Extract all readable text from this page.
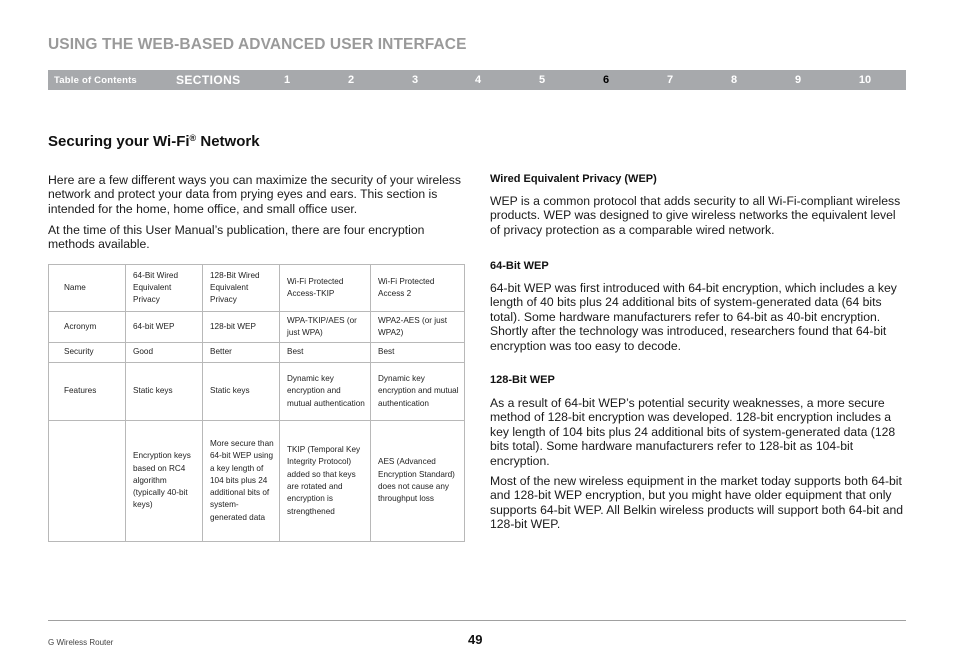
USING THE WEB-BASED ADVANCED USER INTERFACE
Table of Contents	SECTIONS	1	2	3	4	5	6	7	8	9	10
Securing your Wi-Fi® Network

Here are a few different ways you can maximize the security of your wireless network and protect your data from prying eyes and ears. This section is intended for the home, home office, and small office user.

At the time of this User Manual’s publication, there are four encryption methods available.

Name	64-Bit Wired Equivalent Privacy	128-Bit Wired Equivalent Privacy	Wi-Fi Protected Access-TKIP	Wi-Fi Protected Access 2
Acronym	64-bit WEP	128-bit WEP	WPA-TKIP/AES (or just WPA)	WPA2-AES (or just WPA2)
Security	Good	Better	Best	Best
Features	Static keys	Static keys	Dynamic key encryption and mutual authentication	Dynamic key encryption and mutual authentication
	Encryption keys based on RC4 algorithm (typically 40-bit keys)	More secure than 64-bit WEP using a key length of 104 bits plus 24 additional bits of system-generated data	TKIP (Temporal Key Integrity Protocol) added so that keys are rotated and encryption is strengthened	AES (Advanced Encryption Standard) does not cause any throughput loss
Wired Equivalent Privacy (WEP)

WEP is a common protocol that adds security to all Wi-Fi-compliant wireless products. WEP was designed to give wireless networks the equivalent level of privacy protection as a comparable wired network.

64-Bit WEP

64-bit WEP was first introduced with 64-bit encryption, which includes a key length of 40 bits plus 24 additional bits of system-generated data (64 bits total). Some hardware manufacturers refer to 64-bit as 40-bit encryption. Shortly after the technology was introduced, researchers found that 64-bit encryption was too easy to decode.

128-Bit WEP

As a result of 64-bit WEP’s potential security weaknesses, a more secure method of 128-bit encryption was developed. 128-bit encryption includes a key length of 104 bits plus 24 additional bits of system-generated data (128 bits total). Some hardware manufacturers refer to 128-bit as 104-bit encryption.

Most of the new wireless equipment in the market today supports both 64-bit and 128-bit WEP encryption, but you might have older equipment that only supports 64-bit WEP. All Belkin wireless products will support both 64-bit and 128-bit WEP.

G Wireless Router	49
